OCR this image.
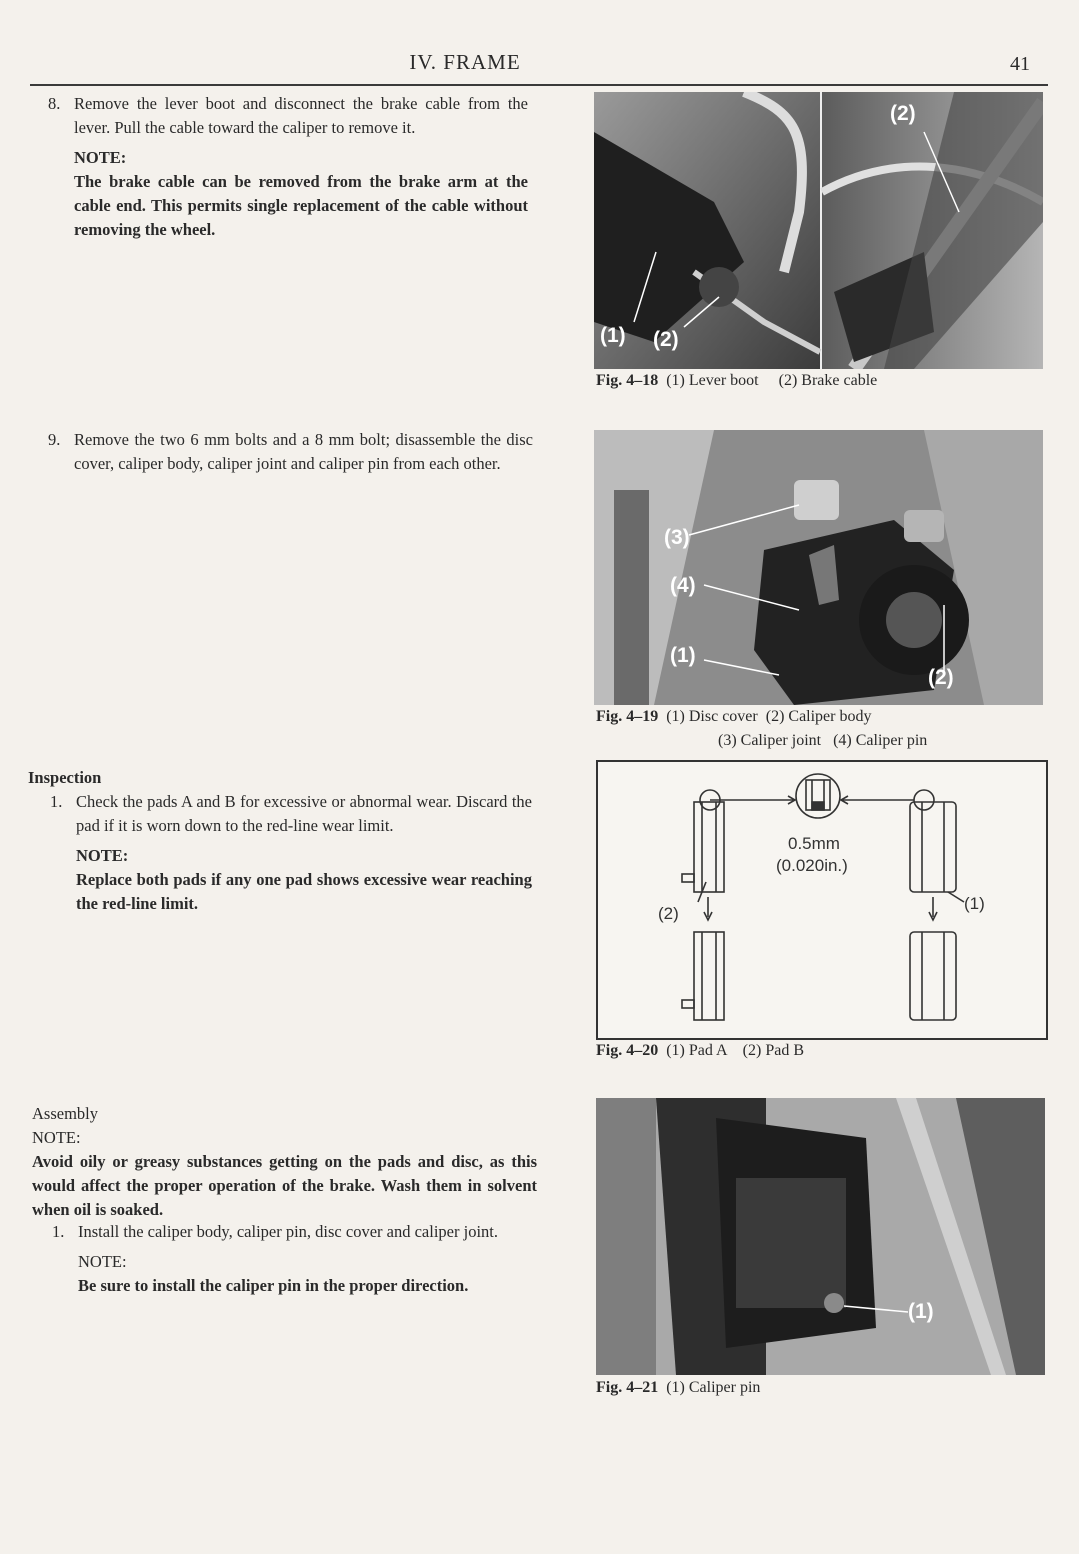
IV. FRAME	41
8. Remove the lever boot and disconnect the brake cable from the lever. Pull the cable toward the caliper to remove it.
NOTE:
The brake cable can be removed from the brake arm at the cable end. This permits single replacement of the cable without removing the wheel.
9. Remove the two 6 mm bolts and a 8 mm bolt; disassemble the disc cover, caliper body, caliper joint and caliper pin from each other.
Inspection
1. Check the pads A and B for excessive or abnormal wear. Discard the pad if it is worn down to the red-line wear limit.
NOTE:
Replace both pads if any one pad shows excessive wear reaching the red-line limit.
Assembly
NOTE:
Avoid oily or greasy substances getting on the pads and disc, as this would affect the proper operation of the brake. Wash them in solvent when oil is soaked.
1. Install the caliper body, caliper pin, disc cover and caliper joint.
NOTE:
Be sure to install the caliper pin in the proper direction.
(1) (2)
(2)
Fig. 4–18 (1) Lever boot     (2) Brake cable
(3)
(4)
(1)
(2)
Fig. 4–19 (1) Disc cover  (2) Caliper body
(3) Caliper joint   (4) Caliper pin
0.5mm
(0.020in.)
(2)
(1)
Fig. 4–20 (1) Pad A    (2) Pad B
(1)
Fig. 4–21 (1) Caliper pin
